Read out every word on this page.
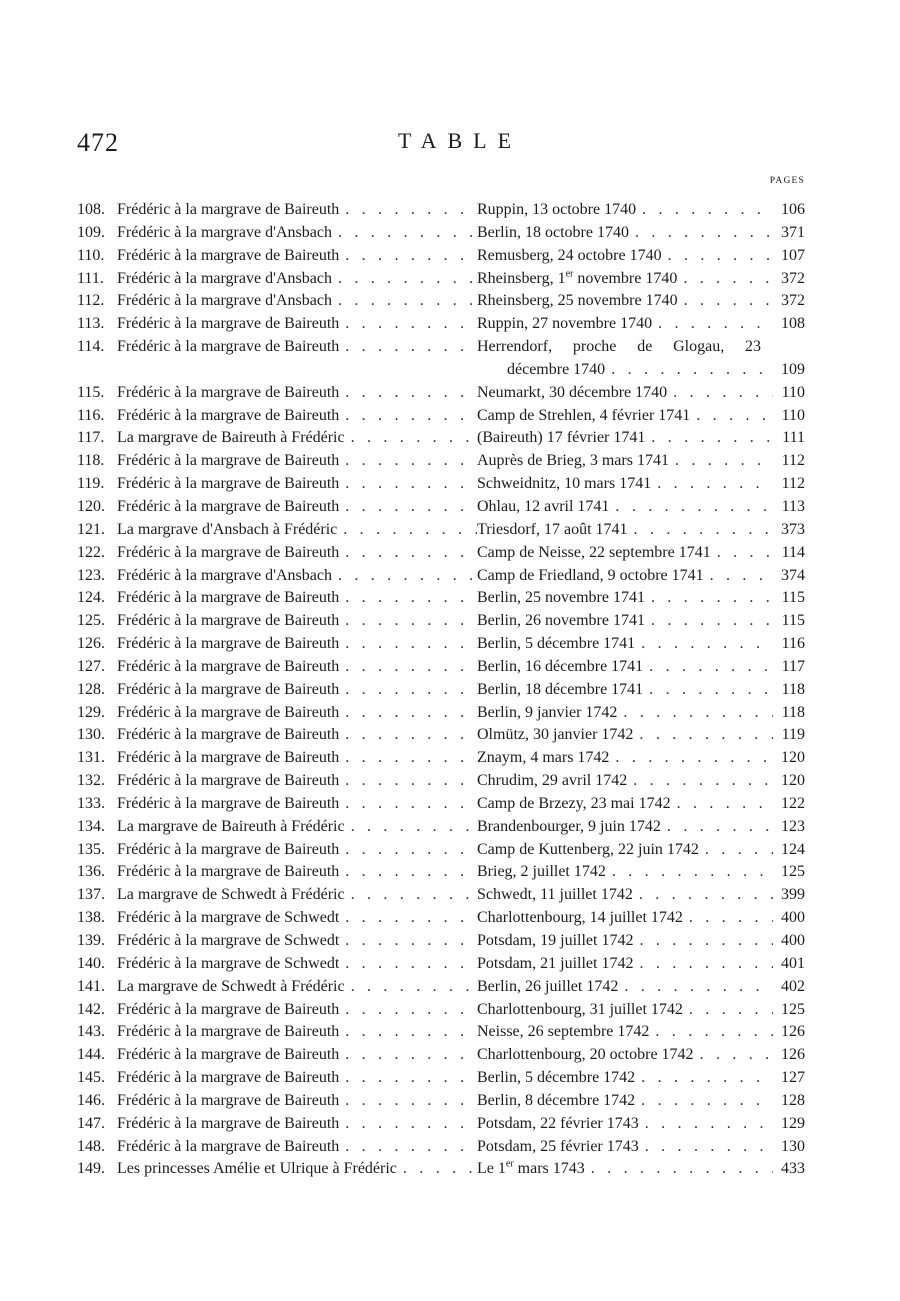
472	TABLE
PAGES
108. Frédéric à la margrave de Baireuth . . .	Ruppin, 13 octobre 1740 . . .	106
109. Frédéric à la margrave d'Ansbach . . .	Berlin, 18 octobre 1740 . . .	371
110. Frédéric à la margrave de Baireuth . . .	Remusberg, 24 octobre 1740 . . .	107
111. Frédéric à la margrave d'Ansbach . . .	Rheinsberg, 1er novembre 1740 . . .	372
112. Frédéric à la margrave d'Ansbach . . .	Rheinsberg, 25 novembre 1740 . . .	372
113. Frédéric à la margrave de Baireuth . . .	Ruppin, 27 novembre 1740 . . .	108
114. Frédéric à la margrave de Baireuth . . .	Herrendorf, proche de Glogau, 23
décembre 1740 . . .	109
115. Frédéric à la margrave de Baireuth . . .	Neumarkt, 30 décembre 1740 . . .	110
116. Frédéric à la margrave de Baireuth . . .	Camp de Strehlen, 4 février 1741 . . .	110
117. La margrave de Baireuth à Frédéric . . .	(Baireuth) 17 février 1741 . . .	111
118. Frédéric à la margrave de Baireuth . . .	Auprès de Brieg, 3 mars 1741 . . .	112
119. Frédéric à la margrave de Baireuth . . .	Schweidnitz, 10 mars 1741 . . .	112
120. Frédéric à la margrave de Baireuth . . .	Ohlau, 12 avril 1741 . . .	113
121. La margrave d'Ansbach à Frédéric . . .	Triesdorf, 17 août 1741 . . .	373
122. Frédéric à la margrave de Baireuth . . .	Camp de Neisse, 22 septembre 1741 . . .	114
123. Frédéric à la margrave d'Ansbach . . .	Camp de Friedland, 9 octobre 1741 . . .	374
124. Frédéric à la margrave de Baireuth . . .	Berlin, 25 novembre 1741 . . .	115
125. Frédéric à la margrave de Baireuth . . .	Berlin, 26 novembre 1741 . . .	115
126. Frédéric à la margrave de Baireuth . . .	Berlin, 5 décembre 1741 . . .	116
127. Frédéric à la margrave de Baireuth . . .	Berlin, 16 décembre 1741 . . .	117
128. Frédéric à la margrave de Baireuth . . .	Berlin, 18 décembre 1741 . . .	118
129. Frédéric à la margrave de Baireuth . . .	Berlin, 9 janvier 1742 . . .	118
130. Frédéric à la margrave de Baireuth . . .	Olmütz, 30 janvier 1742 . . .	119
131. Frédéric à la margrave de Baireuth . . .	Znaym, 4 mars 1742 . . .	120
132. Frédéric à la margrave de Baireuth . . .	Chrudim, 29 avril 1742 . . .	120
133. Frédéric à la margrave de Baireuth . . .	Camp de Brzezy, 23 mai 1742 . . .	122
134. La margrave de Baireuth à Frédéric . . .	Brandenbourger, 9 juin 1742 . . .	123
135. Frédéric à la margrave de Baireuth . . .	Camp de Kuttenberg, 22 juin 1742 . . .	124
136. Frédéric à la margrave de Baireuth . . .	Brieg, 2 juillet 1742 . . .	125
137. La margrave de Schwedt à Frédéric . . .	Schwedt, 11 juillet 1742 . . .	399
138. Frédéric à la margrave de Schwedt . . .	Charlottenbourg, 14 juillet 1742 . . .	400
139. Frédéric à la margrave de Schwedt . . .	Potsdam, 19 juillet 1742 . . .	400
140. Frédéric à la margrave de Schwedt . . .	Potsdam, 21 juillet 1742 . . .	401
141. La margrave de Schwedt à Frédéric . . .	Berlin, 26 juillet 1742 . . .	402
142. Frédéric à la margrave de Baireuth . . .	Charlottenbourg, 31 juillet 1742 . . .	125
143. Frédéric à la margrave de Baireuth . . .	Neisse, 26 septembre 1742 . . .	126
144. Frédéric à la margrave de Baireuth . . .	Charlottenbourg, 20 octobre 1742 . . .	126
145. Frédéric à la margrave de Baireuth . . .	Berlin, 5 décembre 1742 . . .	127
146. Frédéric à la margrave de Baireuth . . .	Berlin, 8 décembre 1742 . . .	128
147. Frédéric à la margrave de Baireuth . . .	Potsdam, 22 février 1743 . . .	129
148. Frédéric à la margrave de Baireuth . . .	Potsdam, 25 février 1743 . . .	130
149. Les princesses Amélie et Ulrique à Frédéric . . .	Le 1er mars 1743 . . .	433
